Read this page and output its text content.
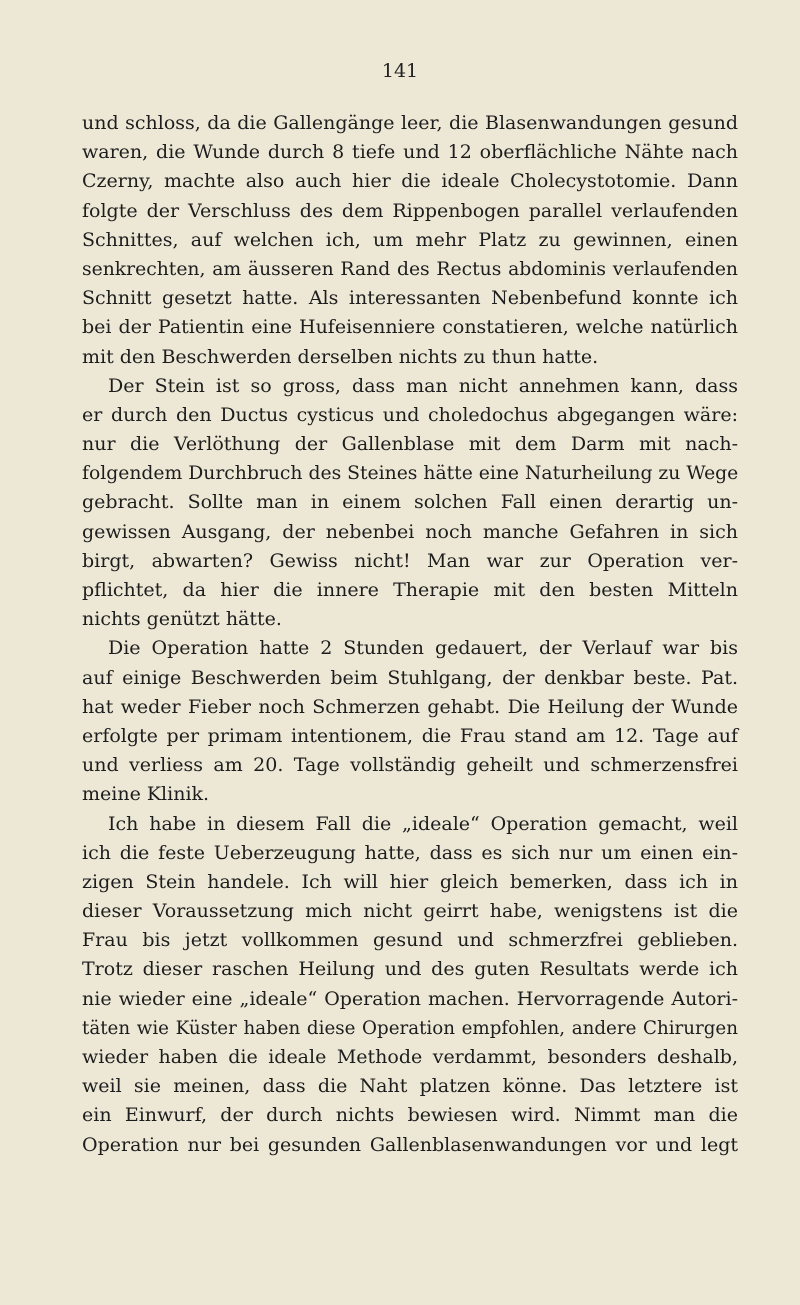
141
und schloss, da die Gallengänge leer, die Blasenwandungen gesund
waren, die Wunde durch 8 tiefe und 12 oberflächliche Nähte nach
Czerny, machte also auch hier die ideale Cholecystotomie. Dann
folgte der Verschluss des dem Rippenbogen parallel verlaufenden
Schnittes, auf welchen ich, um mehr Platz zu gewinnen, einen
senkrechten, am äusseren Rand des Rectus abdominis verlaufenden
Schnitt gesetzt hatte. Als interessanten Nebenbefund konnte ich
bei der Patientin eine Hufeisenniere constatieren, welche natürlich
mit den Beschwerden derselben nichts zu thun hatte.
Der Stein ist so gross, dass man nicht annehmen kann, dass
er durch den Ductus cysticus und choledochus abgegangen wäre:
nur die Verlöthung der Gallenblase mit dem Darm mit nach-
folgendem Durchbruch des Steines hätte eine Naturheilung zu Wege
gebracht. Sollte man in einem solchen Fall einen derartig un-
gewissen Ausgang, der nebenbei noch manche Gefahren in sich
birgt, abwarten? Gewiss nicht! Man war zur Operation ver-
pflichtet, da hier die innere Therapie mit den besten Mitteln
nichts genützt hätte.
Die Operation hatte 2 Stunden gedauert, der Verlauf war bis
auf einige Beschwerden beim Stuhlgang, der denkbar beste. Pat.
hat weder Fieber noch Schmerzen gehabt. Die Heilung der Wunde
erfolgte per primam intentionem, die Frau stand am 12. Tage auf
und verliess am 20. Tage vollständig geheilt und schmerzensfrei
meine Klinik.
Ich habe in diesem Fall die „ideale“ Operation gemacht, weil
ich die feste Ueberzeugung hatte, dass es sich nur um einen ein-
zigen Stein handele. Ich will hier gleich bemerken, dass ich in
dieser Voraussetzung mich nicht geirrt habe, wenigstens ist die
Frau bis jetzt vollkommen gesund und schmerzfrei geblieben.
Trotz dieser raschen Heilung und des guten Resultats werde ich
nie wieder eine „ideale“ Operation machen. Hervorragende Autori-
täten wie Küster haben diese Operation empfohlen, andere Chirurgen
wieder haben die ideale Methode verdammt, besonders deshalb,
weil sie meinen, dass die Naht platzen könne. Das letztere ist
ein Einwurf, der durch nichts bewiesen wird. Nimmt man die
Operation nur bei gesunden Gallenblasenwandungen vor und legt
